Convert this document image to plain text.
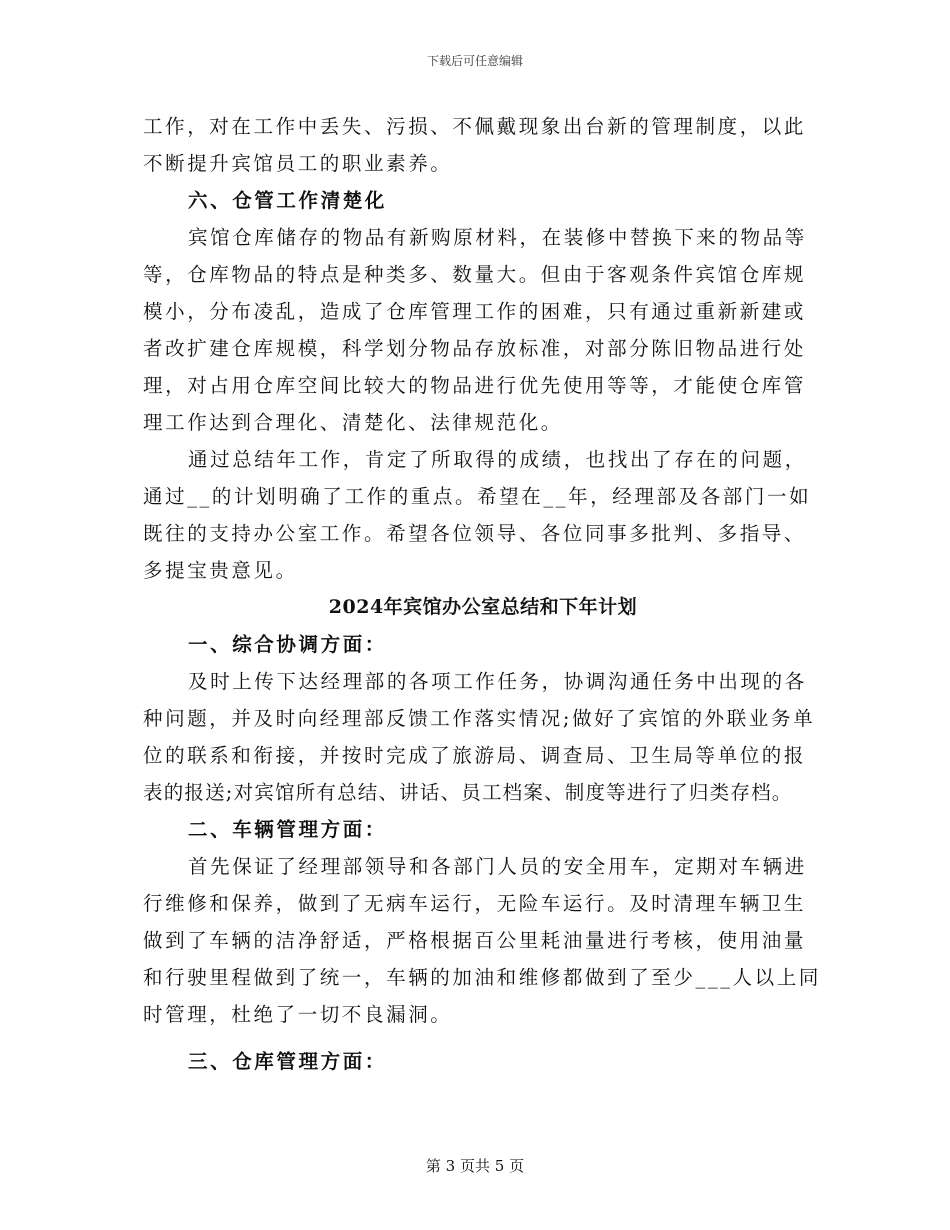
下载后可任意编辑
工作，对在工作中丢失、污损、不佩戴现象出台新的管理制度，以此
不断提升宾馆员工的职业素养。
六、仓管工作清楚化
宾馆仓库储存的物品有新购原材料，在装修中替换下来的物品等
等，仓库物品的特点是种类多、数量大。但由于客观条件宾馆仓库规
模小，分布凌乱，造成了仓库管理工作的困难，只有通过重新新建或
者改扩建仓库规模，科学划分物品存放标准，对部分陈旧物品进行处
理，对占用仓库空间比较大的物品进行优先使用等等，才能使仓库管
理工作达到合理化、清楚化、法律规范化。
通过总结年工作，肯定了所取得的成绩，也找出了存在的问题，
通过__的计划明确了工作的重点。希望在__年，经理部及各部门一如
既往的支持办公室工作。希望各位领导、各位同事多批判、多指导、
多提宝贵意见。
2024年宾馆办公室总结和下年计划
一、综合协调方面：
及时上传下达经理部的各项工作任务，协调沟通任务中出现的各
种问题，并及时向经理部反馈工作落实情况;做好了宾馆的外联业务单
位的联系和衔接，并按时完成了旅游局、调查局、卫生局等单位的报
表的报送;对宾馆所有总结、讲话、员工档案、制度等进行了归类存档。
二、车辆管理方面：
首先保证了经理部领导和各部门人员的安全用车，定期对车辆进
行维修和保养，做到了无病车运行，无险车运行。及时清理车辆卫生
做到了车辆的洁净舒适，严格根据百公里耗油量进行考核，使用油量
和行驶里程做到了统一，车辆的加油和维修都做到了至少___人以上同
时管理，杜绝了一切不良漏洞。
三、仓库管理方面：
第 3 页共 5 页
